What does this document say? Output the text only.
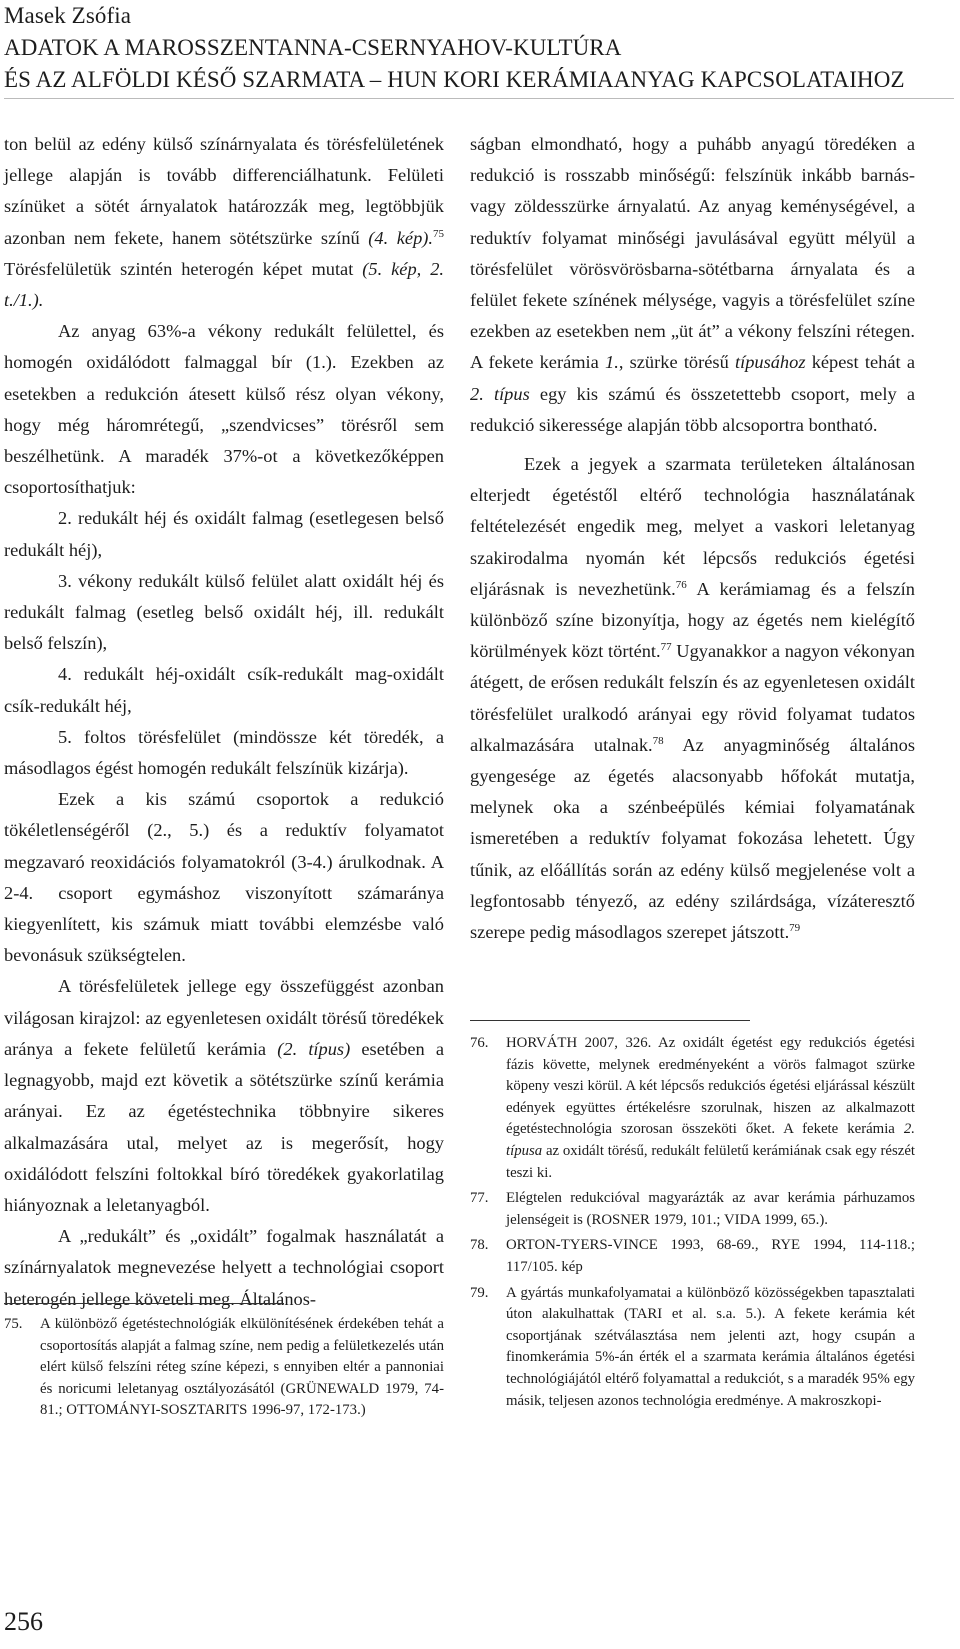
Masek Zsófia
ADATOK A MAROSSZENTANNA-CSERNYAHOV-KULTÚRA
ÉS AZ ALFÖLDI KÉSŐ SZARMATA – HUN KORI KERÁMIAANYAG KAPCSOLATAIHOZ

ton belül az edény külső színárnyalata és törésfelületének jellege alapján is tovább differenciálhatunk. Felületi színüket a sötét árnyalatok határozzák meg, legtöbbjük azonban nem fekete, hanem sötétszürke színű (4. kép).$^{75}$ Törésfelületük szintén heterogén képet mutat (5. kép, 2. t./1.).

Az anyag 63%-a vékony redukált felülettel, és homogén oxidálódott falmaggal bír (1.). Ezekben az esetekben a redukción átesett külső rész olyan vékony, hogy még háromrétegű, „szendvicses” törésről sem beszélhetünk. A maradék 37%-ot a következőképpen csoportosíthatjuk:

2. redukált héj és oxidált falmag (esetlegesen belső redukált héj),

3. vékony redukált külső felület alatt oxidált héj és redukált falmag (esetleg belső oxidált héj, ill. redukált belső felszín),

4. redukált héj-oxidált csík-redukált mag-oxidált csík-redukált héj,

5. foltos törésfelület (mindössze két töredék, a másodlagos égést homogén redukált felszínük kizárja).

Ezek a kis számú csoportok a redukció tökéletlenségéről (2., 5.) és a reduktív folyamatot megzavaró reoxidációs folyamatokról (3-4.) árulkodnak. A 2-4. csoport egymáshoz viszonyított számaránya kiegyenlített, kis számuk miatt további elemzésbe való bevonásuk szükségtelen.

A törésfelületek jellege egy összefüggést azonban világosan kirajzol: az egyenletesen oxidált törésű töredékek aránya a fekete felületű kerámia (2. típus) esetében a legnagyobb, majd ezt követik a sötétszürke színű kerámia arányai. Ez az égetéstechnika többnyire sikeres alkalmazására utal, melyet az is megerősít, hogy oxidálódott felszíni foltokkal bíró töredékek gyakorlatilag hiányoznak a leletanyagból.

A „redukált” és „oxidált” fogalmak használatát a színárnyalatok megnevezése helyett a technológiai csoport heterogén jellege követeli meg. Általános-

75.	A különböző égetéstechnológiák elkülönítésének érdekében tehát a csoportosítás alapját a falmag színe, nem pedig a felületkezelés után elért külső felszíni réteg színe képezi, s ennyiben eltér a pannoniai és noricumi leletanyag osztályozásától (GRÜNEWALD 1979, 74-81.; OTTOMÁNYI-SOSZTARITS 1996-97, 172-173.)

ságban elmondható, hogy a puhább anyagú töredéken a redukció is rosszabb minőségű: felszínük inkább barnás- vagy zöldesszürke árnyalatú. Az anyag keménységével, a reduktív folyamat minőségi javulásával együtt mélyül a törésfelület vörösvörösbarna-sötétbarna árnyalata és a felület fekete színének mélysége, vagyis a törésfelület színe ezekben az esetekben nem „üt át” a vékony felszíni rétegen. A fekete kerámia 1., szürke törésű típusához képest tehát a 2. típus egy kis számú és összetettebb csoport, mely a redukció sikeressége alapján több alcsoportra bontható.

Ezek a jegyek a szarmata területeken általánosan elterjedt égetéstől eltérő technológia használatának feltételezését engedik meg, melyet a vaskori leletanyag szakirodalma nyomán két lépcsős redukciós égetési eljárásnak is nevezhetünk.$^{76}$ A kerámiamag és a felszín különböző színe bizonyítja, hogy az égetés nem kielégítő körülmények közt történt.$^{77}$ Ugyanakkor a nagyon vékonyan átégett, de erősen redukált felszín és az egyenletesen oxidált törésfelület uralkodó arányai egy rövid folyamat tudatos alkalmazására utalnak.$^{78}$ Az anyagminőség általános gyengesége az égetés alacsonyabb hőfokát mutatja, melynek oka a szénbeépülés kémiai folyamatának ismeretében a reduktív folyamat fokozása lehetett. Úgy tűnik, az előállítás során az edény külső megjelenése volt a legfontosabb tényező, az edény szilárdsága, vízáteresztő szerepe pedig másodlagos szerepet játszott.$^{79}$

76.	HORVÁTH 2007, 326. Az oxidált égetést egy redukciós égetési fázis követte, melynek eredményeként a vörös falmagot szürke köpeny veszi körül. A két lépcsős redukciós égetési eljárással készült edények együttes értékelésre szorulnak, hiszen az alkalmazott égetéstechnológia szorosan összeköti őket. A fekete kerámia 2. típusa az oxidált törésű, redukált felületű kerámiának csak egy részét teszi ki.
77.	Elégtelen redukcióval magyarázták az avar kerámia párhuzamos jelenségeit is (ROSNER 1979, 101.; VIDA 1999, 65.).
78.	ORTON-TYERS-VINCE 1993, 68-69., RYE 1994, 114-118.; 117/105. kép
79.	A gyártás munkafolyamatai a különböző közösségekben tapasztalati úton alakulhattak (TARI et al. s.a. 5.). A fekete kerámia két csoportjának szétválasztása nem jelenti azt, hogy csupán a finomkerámia 5%-án érték el a szarmata kerámia általános égetési technológiájától eltérő folyamattal a redukciót, s a maradék 95% egy másik, teljesen azonos technológia eredménye. A makroszkopi-
256
